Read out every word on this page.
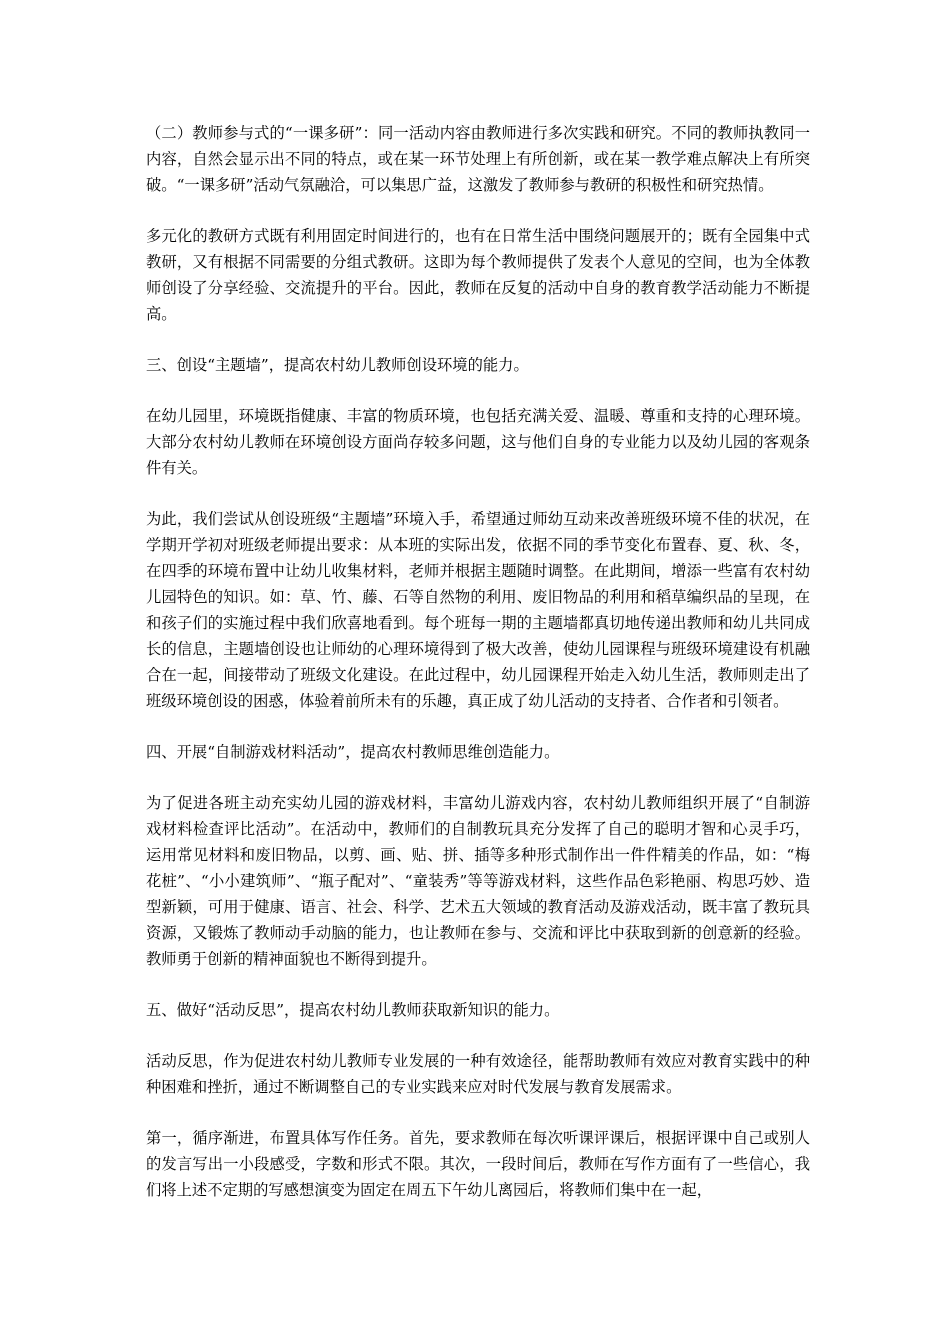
（二）教师参与式的“一课多研”：同一活动内容由教师进行多次实践和研究。不同的教师执教同一内容，自然会显示出不同的特点，或在某一环节处理上有所创新，或在某一教学难点解决上有所突破。“一课多研”活动气氛融洽，可以集思广益，这激发了教师参与教研的积极性和研究热情。

多元化的教研方式既有利用固定时间进行的，也有在日常生活中围绕问题展开的；既有全园集中式教研，又有根据不同需要的分组式教研。这即为每个教师提供了发表个人意见的空间，也为全体教师创设了分享经验、交流提升的平台。因此，教师在反复的活动中自身的教育教学活动能力不断提高。

三、创设“主题墙”，提高农村幼儿教师创设环境的能力。

在幼儿园里，环境既指健康、丰富的物质环境，也包括充满关爱、温暖、尊重和支持的心理环境。大部分农村幼儿教师在环境创设方面尚存较多问题，这与他们自身的专业能力以及幼儿园的客观条件有关。

为此，我们尝试从创设班级“主题墙”环境入手，希望通过师幼互动来改善班级环境不佳的状况，在学期开学初对班级老师提出要求：从本班的实际出发，依据不同的季节变化布置春、夏、秋、冬，在四季的环境布置中让幼儿收集材料，老师并根据主题随时调整。在此期间，增添一些富有农村幼儿园特色的知识。如：草、竹、藤、石等自然物的利用、废旧物品的利用和稻草编织品的呈现，在和孩子们的实施过程中我们欣喜地看到。每个班每一期的主题墙都真切地传递出教师和幼儿共同成长的信息，主题墙创设也让师幼的心理环境得到了极大改善，使幼儿园课程与班级环境建设有机融合在一起，间接带动了班级文化建设。在此过程中，幼儿园课程开始走入幼儿生活，教师则走出了班级环境创设的困惑，体验着前所未有的乐趣，真正成了幼儿活动的支持者、合作者和引领者。

四、开展“自制游戏材料活动”，提高农村教师思维创造能力。

为了促进各班主动充实幼儿园的游戏材料，丰富幼儿游戏内容，农村幼儿教师组织开展了“自制游戏材料检查评比活动”。在活动中，教师们的自制教玩具充分发挥了自己的聪明才智和心灵手巧，运用常见材料和废旧物品，以剪、画、贴、拼、插等多种形式制作出一件件精美的作品，如：“梅花桩”、“小小建筑师”、“瓶子配对”、“童装秀”等等游戏材料，这些作品色彩艳丽、构思巧妙、造型新颖，可用于健康、语言、社会、科学、艺术五大领域的教育活动及游戏活动，既丰富了教玩具资源，又锻炼了教师动手动脑的能力，也让教师在参与、交流和评比中获取到新的创意新的经验。教师勇于创新的精神面貌也不断得到提升。

五、做好“活动反思”，提高农村幼儿教师获取新知识的能力。

活动反思，作为促进农村幼儿教师专业发展的一种有效途径，能帮助教师有效应对教育实践中的种种困难和挫折，通过不断调整自己的专业实践来应对时代发展与教育发展需求。

第一，循序渐进，布置具体写作任务。首先，要求教师在每次听课评课后，根据评课中自己或别人的发言写出一小段感受，字数和形式不限。其次，一段时间后，教师在写作方面有了一些信心，我们将上述不定期的写感想演变为固定在周五下午幼儿离园后，将教师们集中在一起，
